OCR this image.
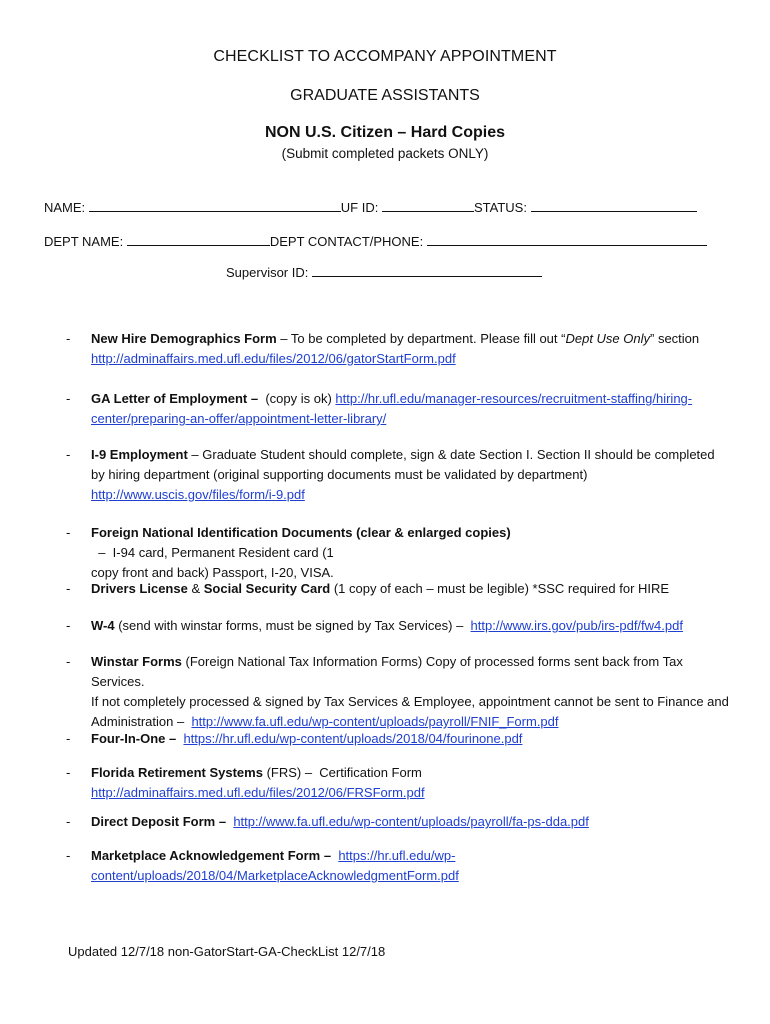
CHECKLIST TO ACCOMPANY APPOINTMENT
GRADUATE ASSISTANTS
NON U.S. Citizen – Hard Copies
(Submit completed packets ONLY)
NAME:	UF ID:	STATUS:
DEPT NAME:	DEPT CONTACT/PHONE:
Supervisor ID:
- New Hire Demographics Form – To be completed by department. Please fill out “Dept Use Only” section
http://adminaffairs.med.ufl.edu/files/2012/06/gatorStartForm.pdf
- GA Letter of Employment –  (copy is ok) http://hr.ufl.edu/manager-resources/recruitment-staffing/hiring-
center/preparing-an-offer/appointment-letter-library/
- I-9 Employment – Graduate Student should complete, sign & date Section I. Section II should be completed
by hiring department (original supporting documents must be validated by department)
http://www.uscis.gov/files/form/i-9.pdf
- Foreign National Identification Documents (clear & enlarged copies)  –  I-94 card, Permanent Resident card (1
copy front and back) Passport, I-20, VISA.
- Drivers License & Social Security Card (1 copy of each – must be legible) *SSC required for HIRE
- W-4 (send with winstar forms, must be signed by Tax Services) –  http://www.irs.gov/pub/irs-pdf/fw4.pdf
- Winstar Forms (Foreign National Tax Information Forms) Copy of processed forms sent back from Tax Services.
If not completely processed & signed by Tax Services & Employee, appointment cannot be sent to Finance and
Administration –  http://www.fa.ufl.edu/wp-content/uploads/payroll/FNIF_Form.pdf
- Four-In-One – https://hr.ufl.edu/wp-content/uploads/2018/04/fourinone.pdf
- Florida Retirement Systems (FRS) –  Certification Form
http://adminaffairs.med.ufl.edu/files/2012/06/FRSForm.pdf
- Direct Deposit Form – http://www.fa.ufl.edu/wp-content/uploads/payroll/fa-ps-dda.pdf
- Marketplace Acknowledgement Form – https://hr.ufl.edu/wp-
content/uploads/2018/04/MarketplaceAcknowledgmentForm.pdf
Updated 12/7/18 non-GatorStart-GA-CheckList 12/7/18
